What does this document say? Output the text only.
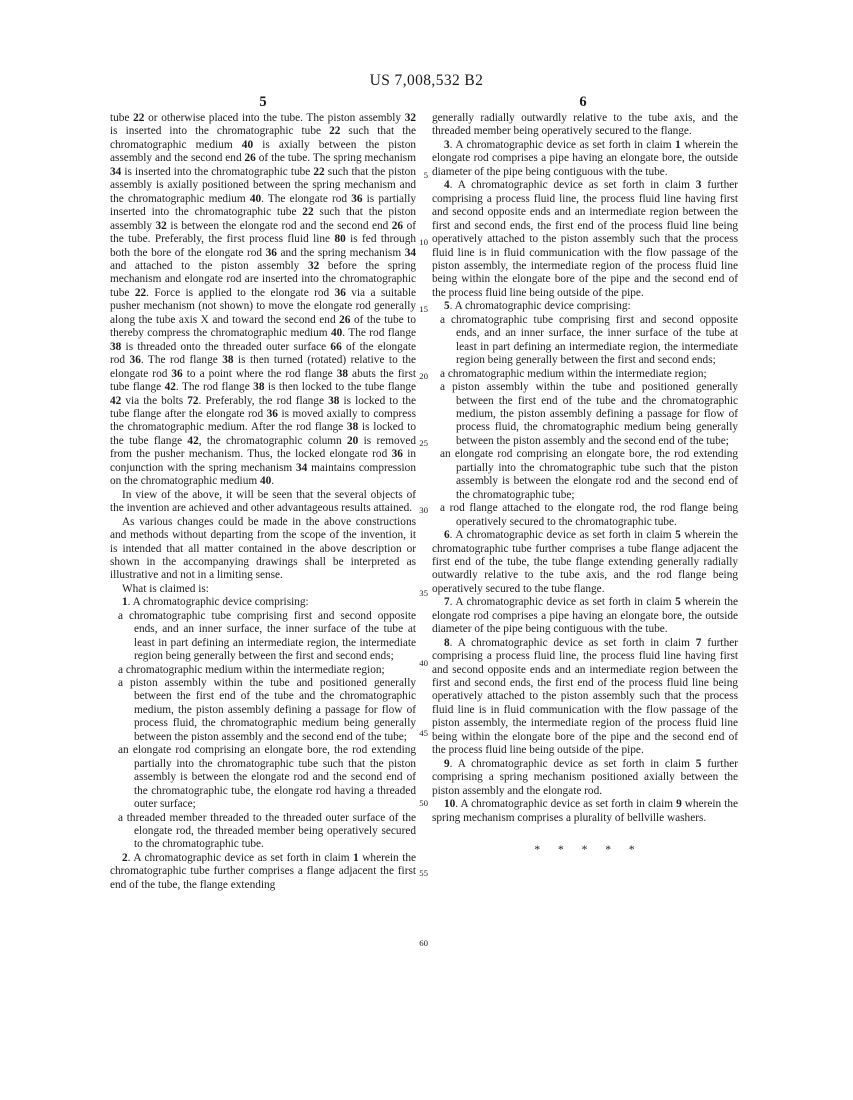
US 7,008,532 B2
5	6
5
10
15
20
25
30
35
40
45
50
55
60

tube 22 or otherwise placed into the tube. The piston assembly 32 is inserted into the chromatographic tube 22 such that the chromatographic medium 40 is axially between the piston assembly and the second end 26 of the tube. The spring mechanism 34 is inserted into the chromatographic tube 22 such that the piston assembly is axially positioned between the spring mechanism and the chromatographic medium 40. The elongate rod 36 is partially inserted into the chromatographic tube 22 such that the piston assembly 32 is between the elongate rod and the second end 26 of the tube. Preferably, the first process fluid line 80 is fed through both the bore of the elongate rod 36 and the spring mechanism 34 and attached to the piston assembly 32 before the spring mechanism and elongate rod are inserted into the chromatographic tube 22. Force is applied to the elongate rod 36 via a suitable pusher mechanism (not shown) to move the elongate rod generally along the tube axis X and toward the second end 26 of the tube to thereby compress the chromatographic medium 40. The rod flange 38 is threaded onto the threaded outer surface 66 of the elongate rod 36. The rod flange 38 is then turned (rotated) relative to the elongate rod 36 to a point where the rod flange 38 abuts the first tube flange 42. The rod flange 38 is then locked to the tube flange 42 via the bolts 72. Preferably, the rod flange 38 is locked to the tube flange after the elongate rod 36 is moved axially to compress the chromatographic medium. After the rod flange 38 is locked to the tube flange 42, the chromatographic column 20 is removed from the pusher mechanism. Thus, the locked elongate rod 36 in conjunction with the spring mechanism 34 maintains compression on the chromatographic medium 40.

In view of the above, it will be seen that the several objects of the invention are achieved and other advantageous results attained.

As various changes could be made in the above constructions and methods without departing from the scope of the invention, it is intended that all matter contained in the above description or shown in the accompanying drawings shall be interpreted as illustrative and not in a limiting sense.

What is claimed is:

1. A chromatographic device comprising:

a chromatographic tube comprising first and second opposite ends, and an inner surface, the inner surface of the tube at least in part defining an intermediate region, the intermediate region being generally between the first and second ends;

a chromatographic medium within the intermediate region;

a piston assembly within the tube and positioned generally between the first end of the tube and the chromatographic medium, the piston assembly defining a passage for flow of process fluid, the chromatographic medium being generally between the piston assembly and the second end of the tube;

an elongate rod comprising an elongate bore, the rod extending partially into the chromatographic tube such that the piston assembly is between the elongate rod and the second end of the chromatographic tube, the elongate rod having a threaded outer surface;

a threaded member threaded to the threaded outer surface of the elongate rod, the threaded member being operatively secured to the chromatographic tube.

2. A chromatographic device as set forth in claim 1 wherein the chromatographic tube further comprises a flange adjacent the first end of the tube, the flange extending

generally radially outwardly relative to the tube axis, and the threaded member being operatively secured to the flange.

3. A chromatographic device as set forth in claim 1 wherein the elongate rod comprises a pipe having an elongate bore, the outside diameter of the pipe being contiguous with the tube.

4. A chromatographic device as set forth in claim 3 further comprising a process fluid line, the process fluid line having first and second opposite ends and an intermediate region between the first and second ends, the first end of the process fluid line being operatively attached to the piston assembly such that the process fluid line is in fluid communication with the flow passage of the piston assembly, the intermediate region of the process fluid line being within the elongate bore of the pipe and the second end of the process fluid line being outside of the pipe.

5. A chromatographic device comprising:

a chromatographic tube comprising first and second opposite ends, and an inner surface, the inner surface of the tube at least in part defining an intermediate region, the intermediate region being generally between the first and second ends;

a chromatographic medium within the intermediate region;

a piston assembly within the tube and positioned generally between the first end of the tube and the chromatographic medium, the piston assembly defining a passage for flow of process fluid, the chromatographic medium being generally between the piston assembly and the second end of the tube;

an elongate rod comprising an elongate bore, the rod extending partially into the chromatographic tube such that the piston assembly is between the elongate rod and the second end of the chromatographic tube;

a rod flange attached to the elongate rod, the rod flange being operatively secured to the chromatographic tube.

6. A chromatographic device as set forth in claim 5 wherein the chromatographic tube further comprises a tube flange adjacent the first end of the tube, the tube flange extending generally radially outwardly relative to the tube axis, and the rod flange being operatively secured to the tube flange.

7. A chromatographic device as set forth in claim 5 wherein the elongate rod comprises a pipe having an elongate bore, the outside diameter of the pipe being contiguous with the tube.

8. A chromatographic device as set forth in claim 7 further comprising a process fluid line, the process fluid line having first and second opposite ends and an intermediate region between the first and second ends, the first end of the process fluid line being operatively attached to the piston assembly such that the process fluid line is in fluid communication with the flow passage of the piston assembly, the intermediate region of the process fluid line being within the elongate bore of the pipe and the second end of the process fluid line being outside of the pipe.

9. A chromatographic device as set forth in claim 5 further comprising a spring mechanism positioned axially between the piston assembly and the elongate rod.

10. A chromatographic device as set forth in claim 9 wherein the spring mechanism comprises a plurality of bellville washers.

* * * * *
